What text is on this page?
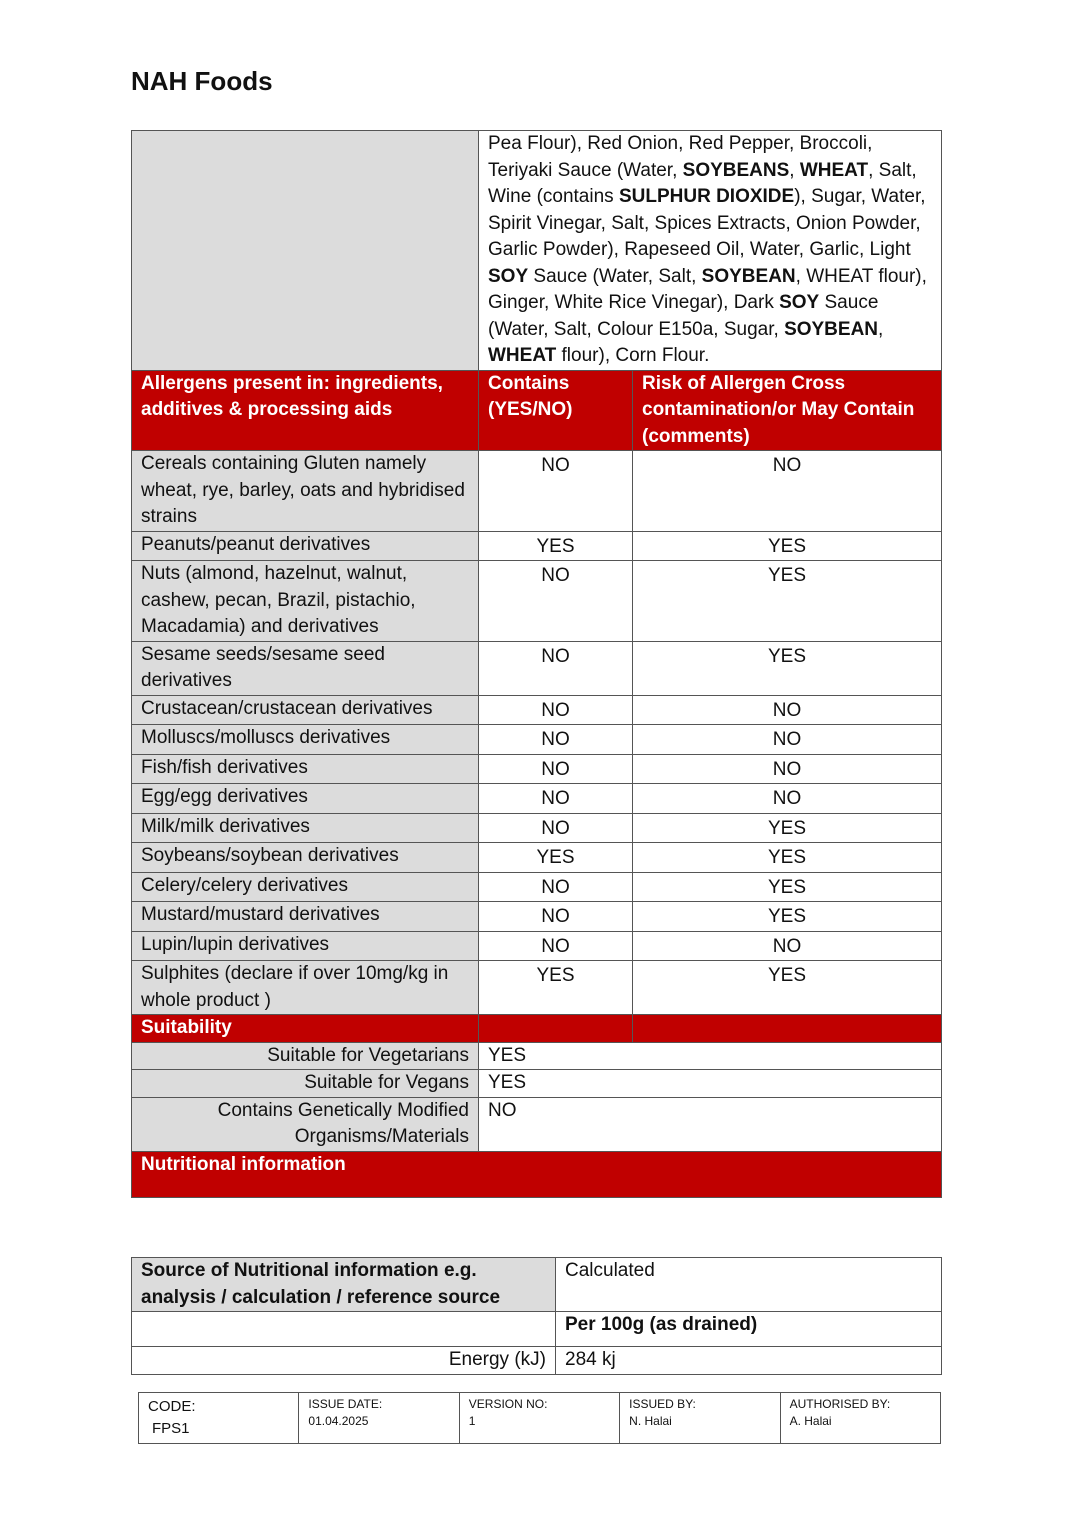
NAH Foods
	Pea Flour), Red Onion, Red Pepper, Broccoli, Teriyaki Sauce (Water, SOYBEANS, WHEAT, Salt, Wine (contains SULPHUR DIOXIDE), Sugar, Water, Spirit Vinegar, Salt, Spices Extracts, Onion Powder, Garlic Powder), Rapeseed Oil, Water, Garlic, Light SOY Sauce (Water, Salt, SOYBEAN, WHEAT flour), Ginger, White Rice Vinegar), Dark SOY Sauce (Water, Salt, Colour E150a, Sugar, SOYBEAN, WHEAT flour), Corn Flour.	
Allergens present in: ingredients, additives & processing aids	Contains (YES/NO)	Risk of Allergen Cross contamination/or May Contain (comments)
Cereals containing Gluten namely wheat, rye, barley, oats and hybridised strains	NO	NO
Peanuts/peanut derivatives	YES	YES
Nuts (almond, hazelnut, walnut, cashew, pecan, Brazil, pistachio, Macadamia) and derivatives	NO	YES
Sesame seeds/sesame seed derivatives	NO	YES
Crustacean/crustacean derivatives	NO	NO
Molluscs/molluscs derivatives	NO	NO
Fish/fish derivatives	NO	NO
Egg/egg derivatives	NO	NO
Milk/milk derivatives	NO	YES
Soybeans/soybean derivatives	YES	YES
Celery/celery derivatives	NO	YES
Mustard/mustard derivatives	NO	YES
Lupin/lupin derivatives	NO	NO
Sulphites (declare if over 10mg/kg in whole product )	YES	YES
Suitability		
Suitable for Vegetarians	YES	
Suitable for Vegans	YES	
Contains Genetically Modified Organisms/Materials	NO	
Nutritional information		
Source of Nutritional information e.g. analysis / calculation / reference source	Calculated
	Per 100g (as drained)
Energy (kJ)	284 kj
CODE:
FPS1

ISSUE DATE:
01.04.2025

VERSION NO:
1

ISSUED BY:
N. Halai

AUTHORISED BY:
A. Halai
